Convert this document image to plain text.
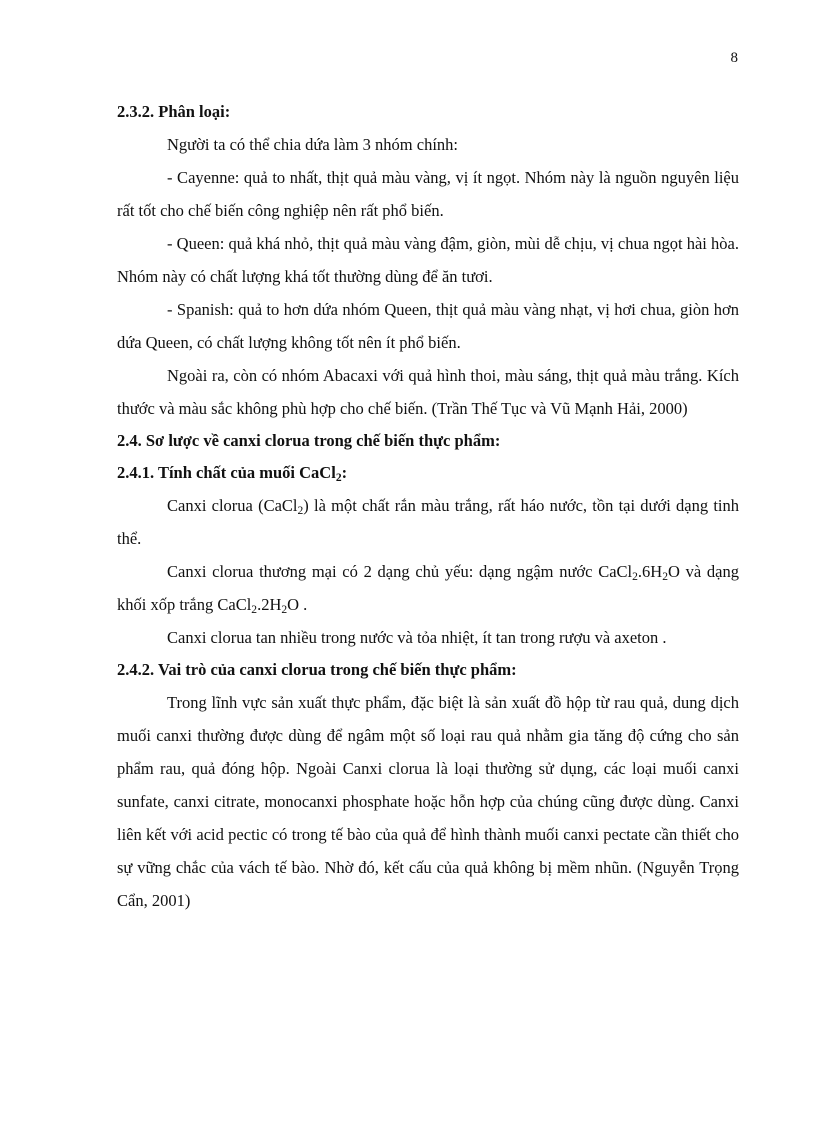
8

2.3.2. Phân loại:

Người ta có thể chia dứa làm 3 nhóm chính:

- Cayenne: quả to nhất, thịt quả màu vàng, vị ít ngọt. Nhóm này là nguồn nguyên liệu rất tốt cho chế biến công nghiệp nên rất phổ biến.

- Queen: quả khá nhỏ, thịt quả màu vàng đậm, giòn, mùi dễ chịu, vị chua ngọt hài hòa. Nhóm này có chất lượng khá tốt thường dùng để ăn tươi.

- Spanish: quả to hơn dứa nhóm Queen, thịt quả màu vàng nhạt, vị hơi chua, giòn hơn dứa Queen, có chất lượng không tốt nên ít phổ biến.

Ngoài ra, còn có nhóm Abacaxi với quả hình thoi, màu sáng, thịt quả màu trắng. Kích thước và màu sắc không phù hợp cho chế biến. (Trần Thế Tục và Vũ Mạnh Hải, 2000)

2.4. Sơ lược về canxi clorua trong chế biến thực phẩm:

2.4.1. Tính chất của muối CaCl$_2$:

Canxi clorua (CaCl$_2$) là một chất rắn màu trắng, rất háo nước, tồn tại dưới dạng tinh thể.

Canxi clorua thương mại có 2 dạng chủ yếu: dạng ngậm nước $CaCl_2.6H_2O$ và dạng khối xốp trắng $CaCl_2.2H_2O$ .

Canxi clorua tan nhiều trong nước và tỏa nhiệt, ít tan trong rượu và axeton .

2.4.2. Vai trò của canxi clorua trong chế biến thực phẩm:

Trong lĩnh vực sản xuất thực phẩm, đặc biệt là sản xuất đồ hộp từ rau quả, dung dịch muối canxi thường được dùng để ngâm một số loại rau quả nhằm gia tăng độ cứng cho sản phẩm rau, quả đóng hộp. Ngoài Canxi clorua là loại thường sử dụng, các loại muối canxi sunfate, canxi citrate, monocanxi phosphate hoặc hỗn hợp của chúng cũng được dùng. Canxi liên kết với acid pectic có trong tế bào của quả để hình thành muối canxi pectate cần thiết cho sự vững chắc của vách tế bào. Nhờ đó, kết cấu của quả không bị mềm nhũn. (Nguyễn Trọng Cẩn, 2001)
